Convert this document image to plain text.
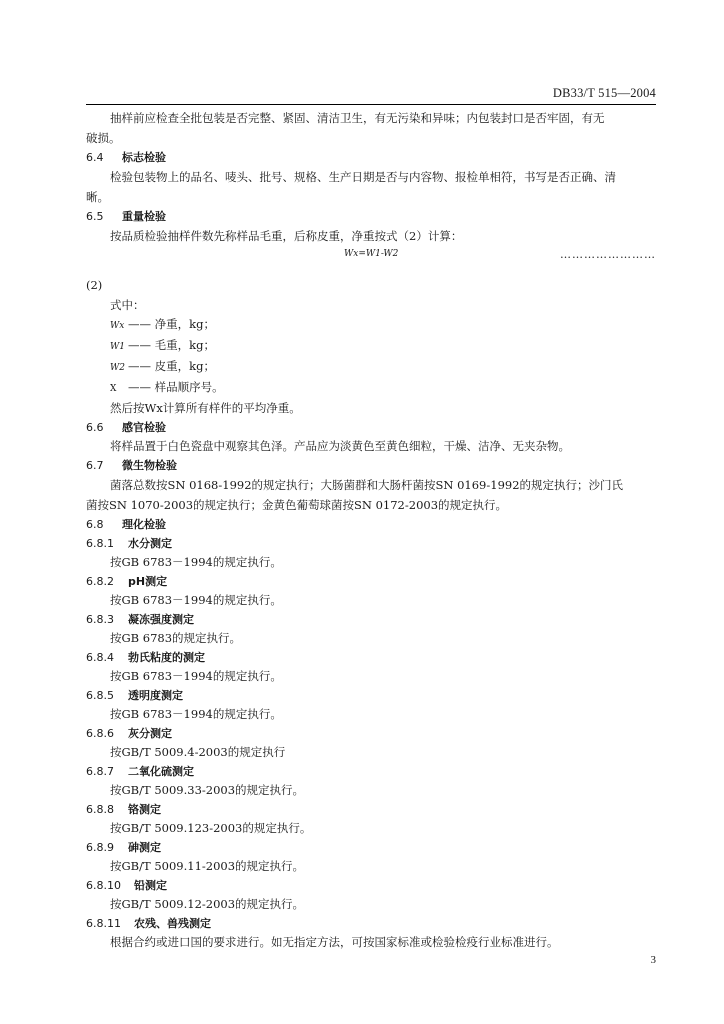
DB33/T 515—2004

抽样前应检查全批包装是否完整、紧固、清洁卫生，有无污染和异味；内包装封口是否牢固，有无

破损。

6.4 标志检验

检验包装物上的品名、唛头、批号、规格、生产日期是否与内容物、报检单相符，书写是否正确、清

晰。

6.5 重量检验

按品质检验抽样件数先称样品毛重，后称皮重，净重按式（2）计算：

Wx=W1-W2	……………………

(2)

式中：

Wx —— 净重，kg；

W1 —— 毛重，kg；

W2 —— 皮重，kg；

X —— 样品顺序号。

然后按Wx计算所有样件的平均净重。

6.6 感官检验

将样品置于白色瓷盘中观察其色泽。产品应为淡黄色至黄色细粒，干燥、洁净、无夹杂物。

6.7 微生物检验

菌落总数按SN 0168-1992的规定执行；大肠菌群和大肠杆菌按SN 0169-1992的规定执行；沙门氏

菌按SN 1070-2003的规定执行；金黄色葡萄球菌按SN 0172-2003的规定执行。

6.8 理化检验

6.8.1 水分测定

按GB 6783－1994的规定执行。

6.8.2 pH测定

按GB 6783－1994的规定执行。

6.8.3 凝冻强度测定

按GB 6783的规定执行。

6.8.4 勃氏粘度的测定

按GB 6783－1994的规定执行。

6.8.5 透明度测定

按GB 6783－1994的规定执行。

6.8.6 灰分测定

按GB/T 5009.4-2003的规定执行

6.8.7 二氧化硫测定

按GB/T 5009.33-2003的规定执行。

6.8.8 铬测定

按GB/T 5009.123-2003的规定执行。

6.8.9 砷测定

按GB/T 5009.11-2003的规定执行。

6.8.10 铅测定

按GB/T 5009.12-2003的规定执行。

6.8.11 农残、兽残测定

根据合约或进口国的要求进行。如无指定方法，可按国家标准或检验检疫行业标准进行。

3
